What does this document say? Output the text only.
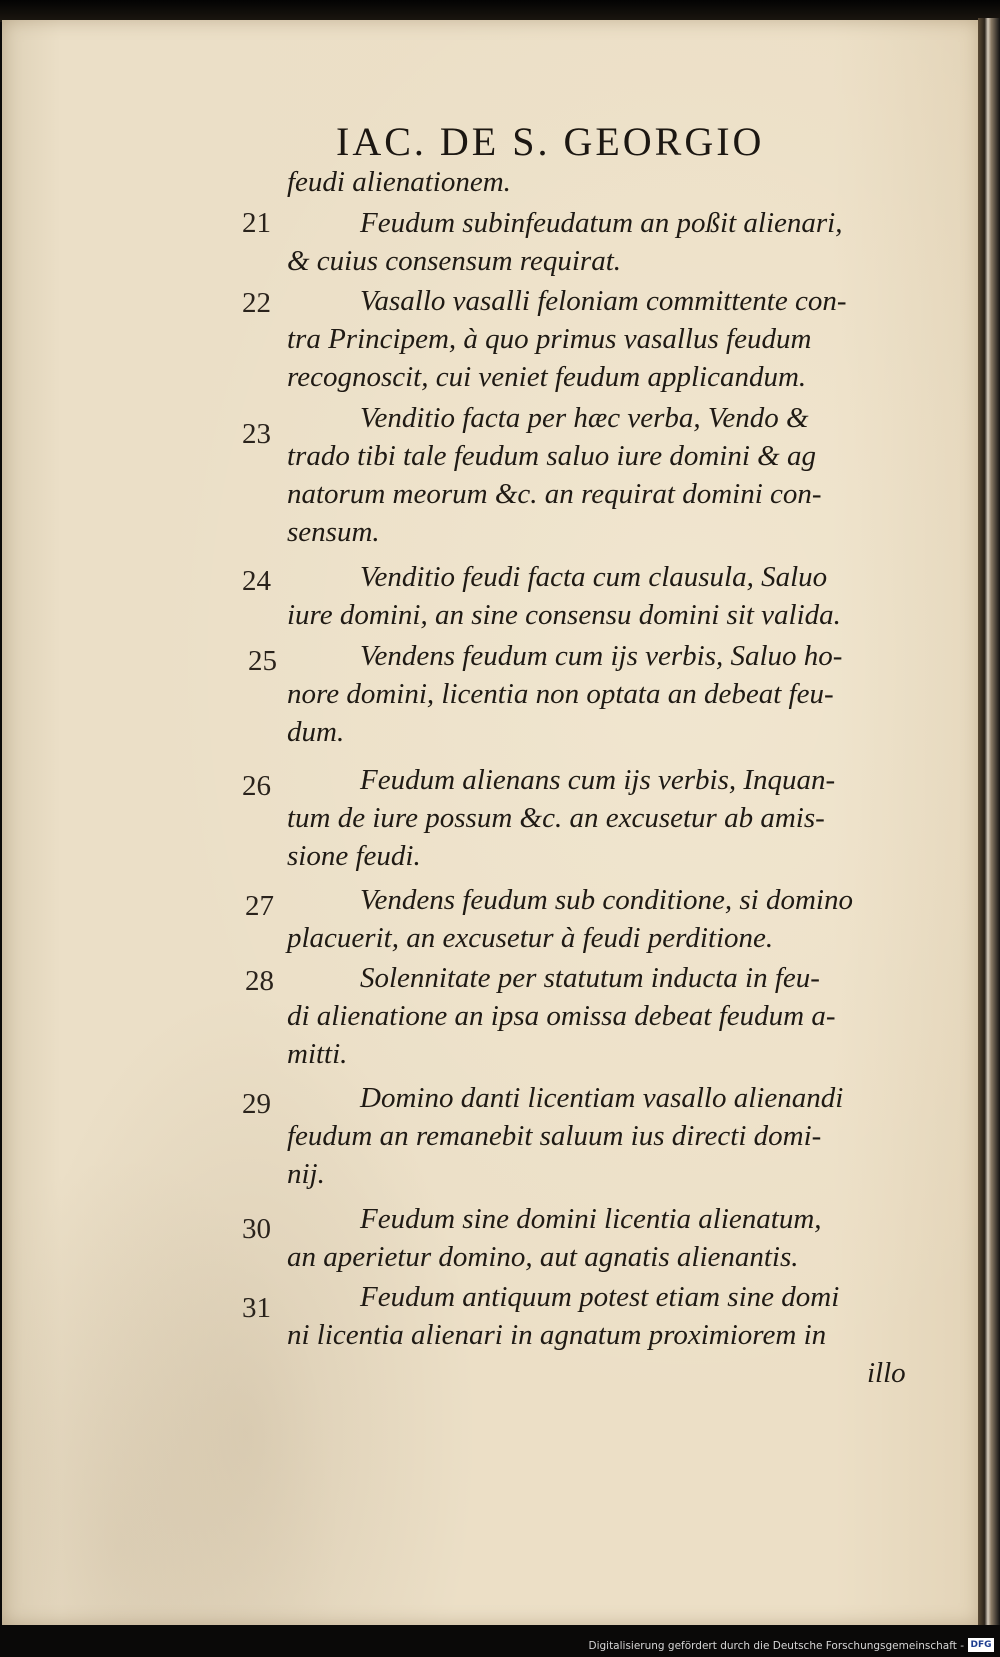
IAC. DE S. GEORGIO
feudi alienationem.
21	Feudum subinfeudatum an poßit alienari,
& cuius consensum requirat.
22	Vasallo vasalli feloniam committente con-
tra Principem, à quo primus vasallus feudum
recognoscit, cui veniet feudum applicandum.
23	Venditio facta per hæc verba, Vendo &
trado tibi tale feudum saluo iure domini & ag
natorum meorum &c. an requirat domini con-
sensum.
24	Venditio feudi facta cum clausula, Saluo
iure domini, an sine consensu domini sit valida.
25	Vendens feudum cum ijs verbis, Saluo ho-
nore domini, licentia non optata an debeat feu-
dum.
26	Feudum alienans cum ijs verbis, Inquan-
tum de iure possum &c. an excusetur ab amis-
sione feudi.
27	Vendens feudum sub conditione, si domino
placuerit, an excusetur à feudi perditione.
28	Solennitate per statutum inducta in feu-
di alienatione an ipsa omissa debeat feudum a-
mitti.
29	Domino danti licentiam vasallo alienandi
feudum an remanebit saluum ius directi domi-
nij.
30	Feudum sine domini licentia alienatum,
an aperietur domino, aut agnatis alienantis.
31	Feudum antiquum potest etiam sine domi
ni licentia alienari in agnatum proximiorem in
illo
Digitalisierung gefördert durch die Deutsche Forschungsgemeinschaft - DFG
